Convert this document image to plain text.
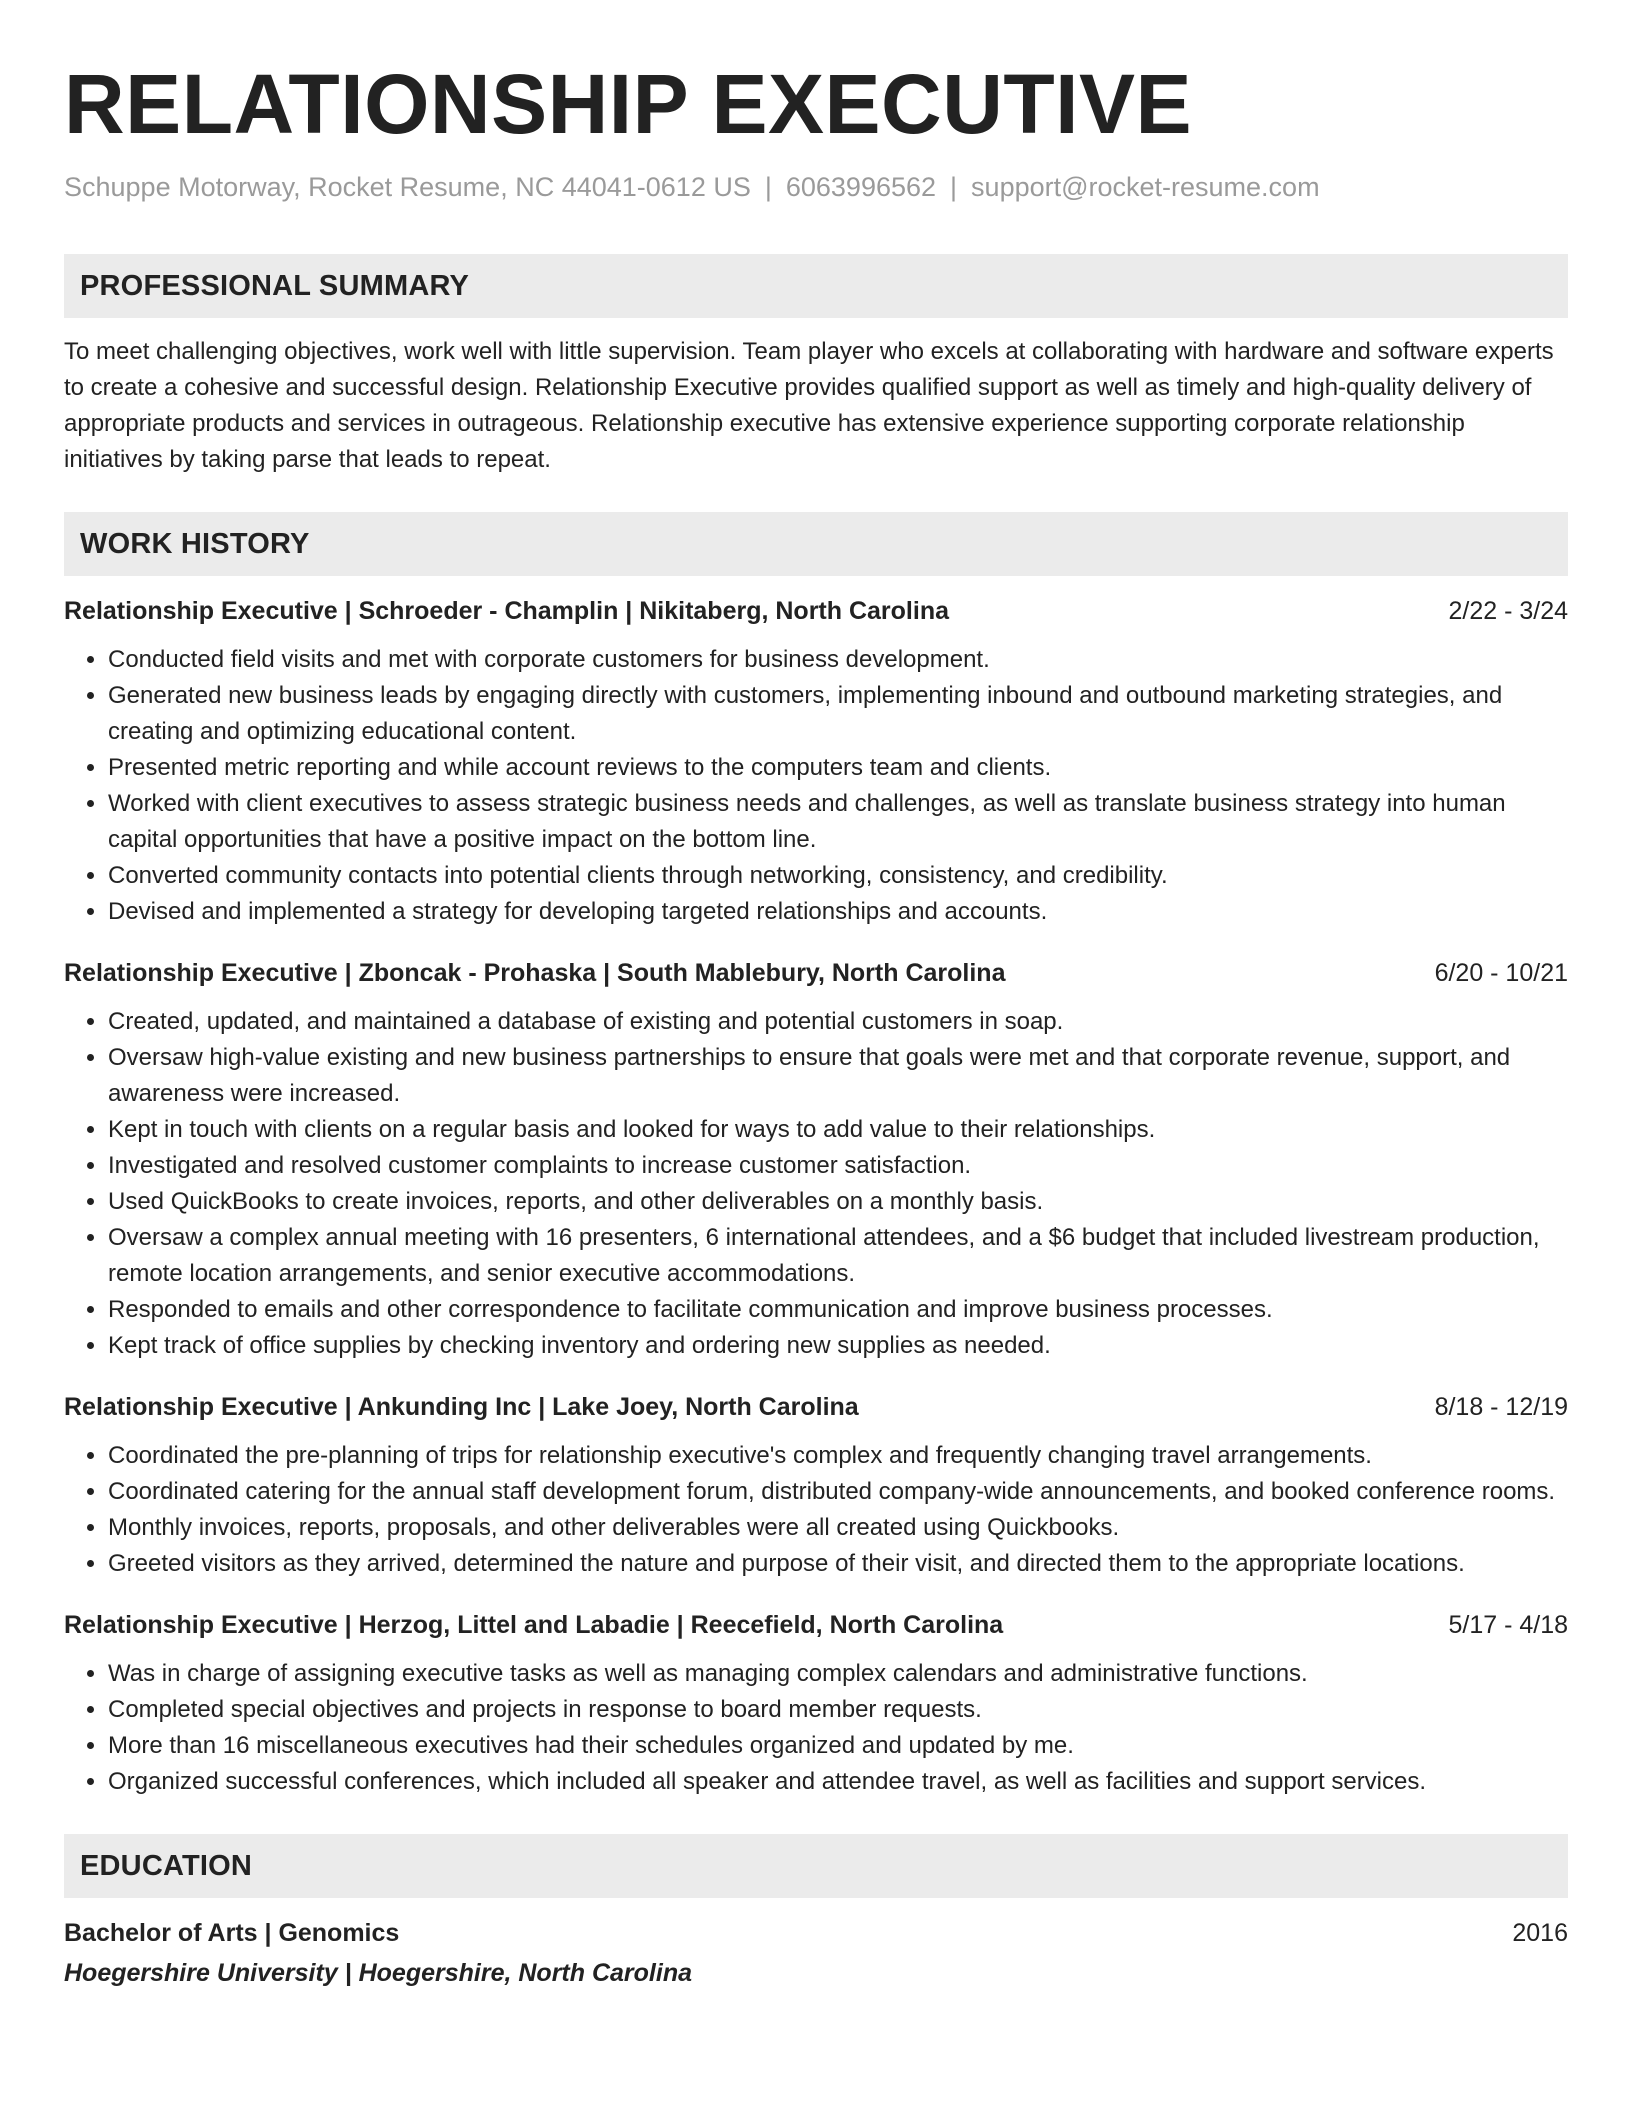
RELATIONSHIP EXECUTIVE
Schuppe Motorway, Rocket Resume, NC 44041-0612 US | 6063996562 | support@rocket-resume.com
PROFESSIONAL SUMMARY
To meet challenging objectives, work well with little supervision. Team player who excels at collaborating with hardware and software experts to create a cohesive and successful design. Relationship Executive provides qualified support as well as timely and high-quality delivery of appropriate products and services in outrageous. Relationship executive has extensive experience supporting corporate relationship initiatives by taking parse that leads to repeat.
WORK HISTORY
Relationship Executive | Schroeder - Champlin | Nikitaberg, North Carolina	2/22 - 3/24
• Conducted field visits and met with corporate customers for business development.
• Generated new business leads by engaging directly with customers, implementing inbound and outbound marketing strategies, and creating and optimizing educational content.
• Presented metric reporting and while account reviews to the computers team and clients.
• Worked with client executives to assess strategic business needs and challenges, as well as translate business strategy into human capital opportunities that have a positive impact on the bottom line.
• Converted community contacts into potential clients through networking, consistency, and credibility.
• Devised and implemented a strategy for developing targeted relationships and accounts.
Relationship Executive | Zboncak - Prohaska | South Mablebury, North Carolina	6/20 - 10/21
• Created, updated, and maintained a database of existing and potential customers in soap.
• Oversaw high-value existing and new business partnerships to ensure that goals were met and that corporate revenue, support, and awareness were increased.
• Kept in touch with clients on a regular basis and looked for ways to add value to their relationships.
• Investigated and resolved customer complaints to increase customer satisfaction.
• Used QuickBooks to create invoices, reports, and other deliverables on a monthly basis.
• Oversaw a complex annual meeting with 16 presenters, 6 international attendees, and a $6 budget that included livestream production, remote location arrangements, and senior executive accommodations.
• Responded to emails and other correspondence to facilitate communication and improve business processes.
• Kept track of office supplies by checking inventory and ordering new supplies as needed.
Relationship Executive | Ankunding Inc | Lake Joey, North Carolina	8/18 - 12/19
• Coordinated the pre-planning of trips for relationship executive's complex and frequently changing travel arrangements.
• Coordinated catering for the annual staff development forum, distributed company-wide announcements, and booked conference rooms.
• Monthly invoices, reports, proposals, and other deliverables were all created using Quickbooks.
• Greeted visitors as they arrived, determined the nature and purpose of their visit, and directed them to the appropriate locations.
Relationship Executive | Herzog, Littel and Labadie | Reecefield, North Carolina	5/17 - 4/18
• Was in charge of assigning executive tasks as well as managing complex calendars and administrative functions.
• Completed special objectives and projects in response to board member requests.
• More than 16 miscellaneous executives had their schedules organized and updated by me.
• Organized successful conferences, which included all speaker and attendee travel, as well as facilities and support services.
EDUCATION
Bachelor of Arts | Genomics	2016
Hoegershire University | Hoegershire, North Carolina
